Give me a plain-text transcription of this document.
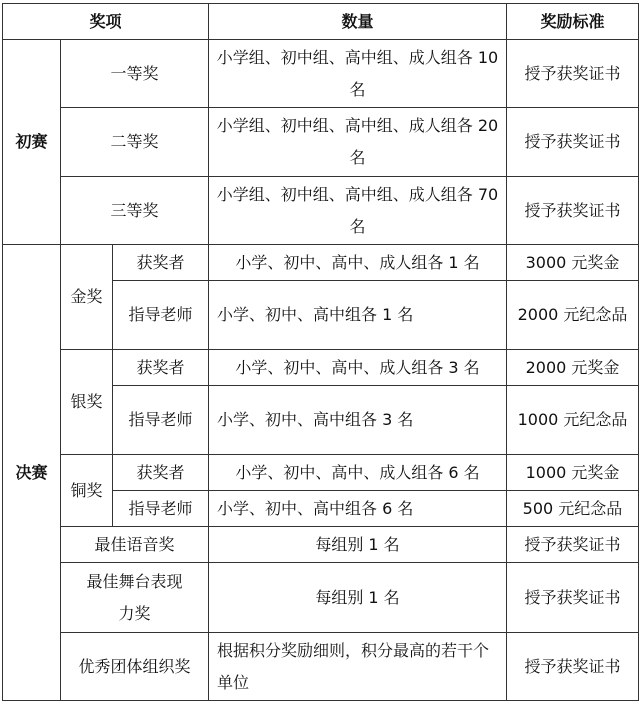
奖项			数量	奖励标准
初赛	一等奖		小学组、初中组、高中组、成人组各 10 名	授予获奖证书
	二等奖		小学组、初中组、高中组、成人组各 20 名	授予获奖证书
	三等奖		小学组、初中组、高中组、成人组各 70 名	授予获奖证书
决赛	金奖	获奖者	小学、初中、高中、成人组各 1 名	3000 元奖金
		指导老师	小学、初中、高中组各 1 名	2000 元纪念品
	银奖	获奖者	小学、初中、高中、成人组各 3 名	2000 元奖金
		指导老师	小学、初中、高中组各 3 名	1000 元纪念品
	铜奖	获奖者	小学、初中、高中、成人组各 6 名	1000 元奖金
		指导老师	小学、初中、高中组各 6 名	500 元纪念品
	最佳语音奖		每组别 1 名	授予获奖证书
	最佳舞台表现力奖		每组别 1 名	授予获奖证书
	优秀团体组织奖		根据积分奖励细则，积分最高的若干个单位	授予获奖证书
